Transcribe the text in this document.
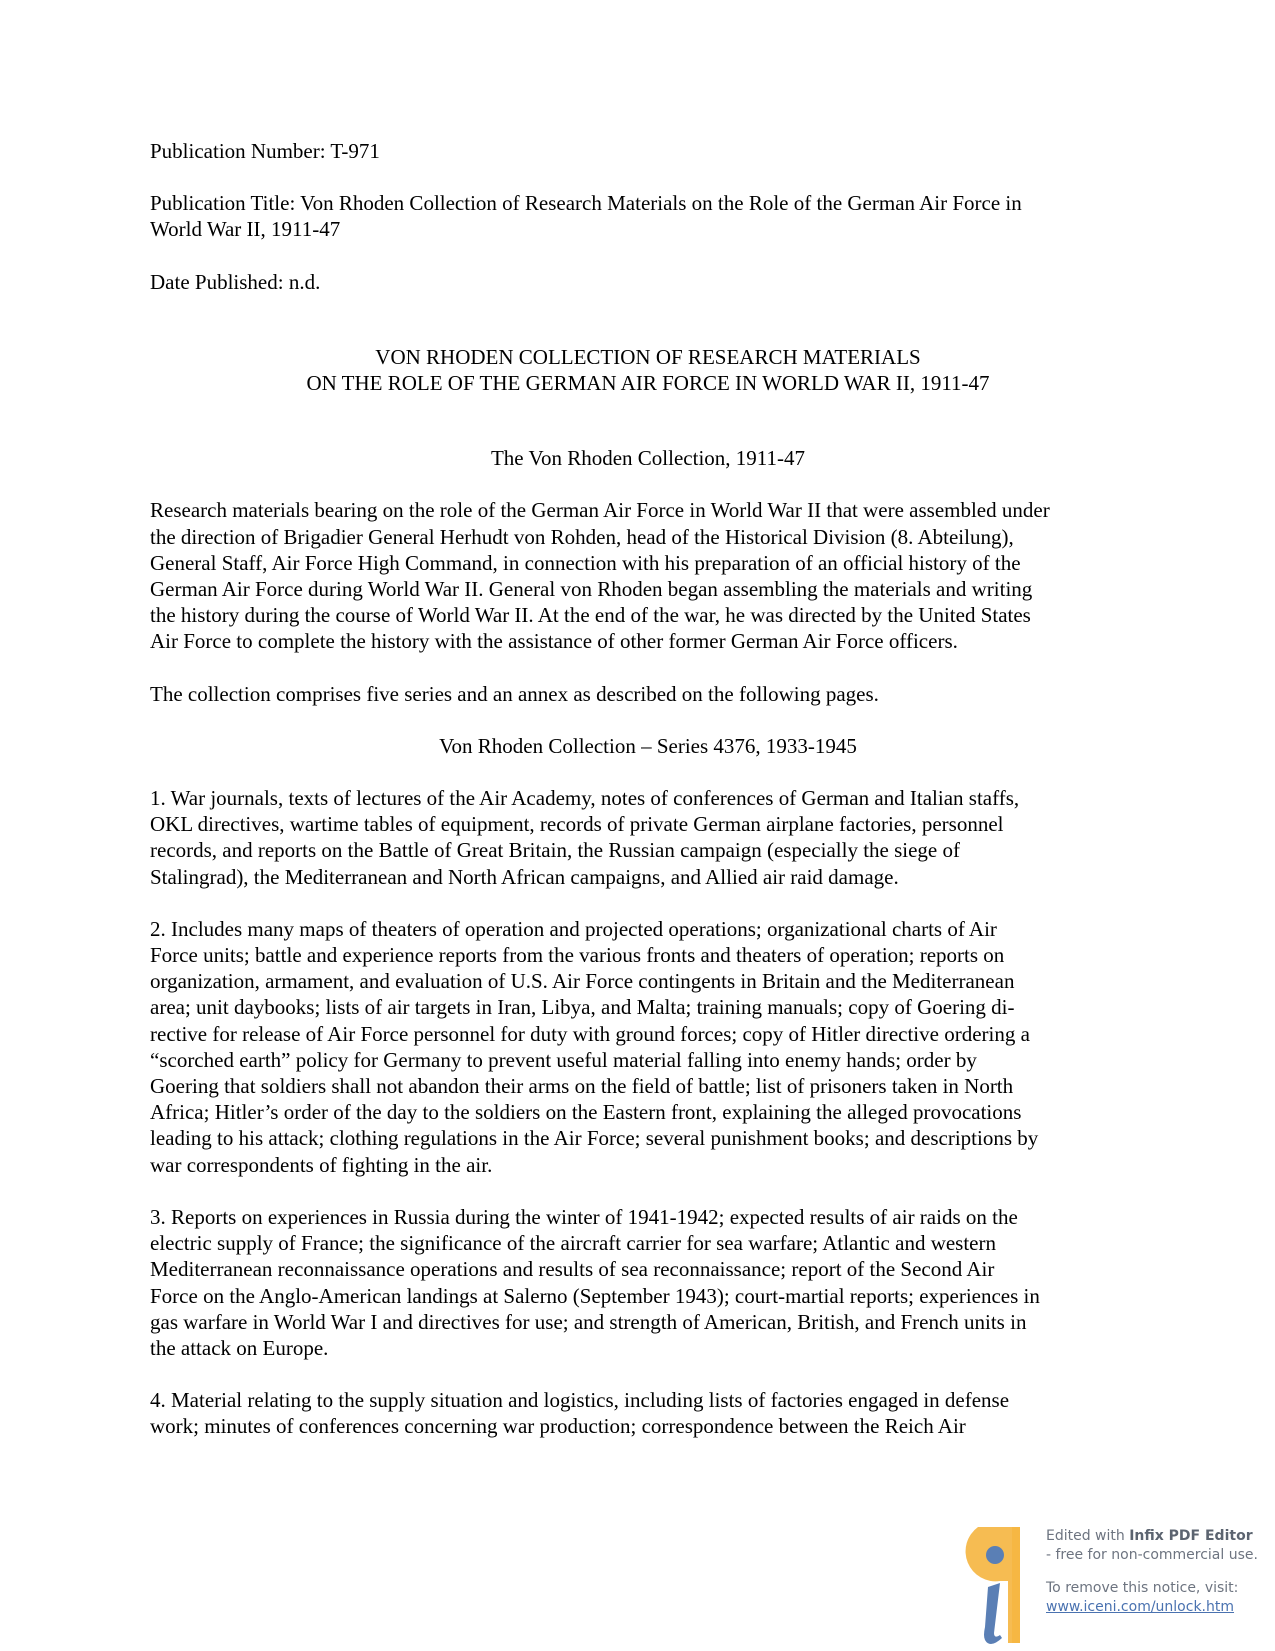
Publication Number: T-971

Publication Title: Von Rhoden Collection of Research Materials on the Role of the German Air Force in

World War II, 1911-47

Date Published: n.d.

VON RHODEN COLLECTION OF RESEARCH MATERIALS

ON THE ROLE OF THE GERMAN AIR FORCE IN WORLD WAR II, 1911-47

The Von Rhoden Collection, 1911-47

Research materials bearing on the role of the German Air Force in World War II that were assembled under
the direction of Brigadier General Herhudt von Rohden, head of the Historical Division (8. Abteilung),
General Staff, Air Force High Command, in connection with his preparation of an official history of the
German Air Force during World War II. General von Rhoden began assembling the materials and writing
the history during the course of World War II. At the end of the war, he was directed by the United States
Air Force to complete the history with the assistance of other former German Air Force officers.

The collection comprises five series and an annex as described on the following pages.

Von Rhoden Collection – Series 4376, 1933-1945

1. War journals, texts of lectures of the Air Academy, notes of conferences of German and Italian staffs,
OKL directives, wartime tables of equipment, records of private German airplane factories, personnel
records, and reports on the Battle of Great Britain, the Russian campaign (especially the siege of
Stalingrad), the Mediterranean and North African campaigns, and Allied air raid damage.

2. Includes many maps of theaters of operation and projected operations; organizational charts of Air
Force units; battle and experience reports from the various fronts and theaters of operation; reports on
organization, armament, and evaluation of U.S. Air Force contingents in Britain and the Mediterranean
area; unit daybooks; lists of air targets in Iran, Libya, and Malta; training manuals; copy of Goering di-
rective for release of Air Force personnel for duty with ground forces; copy of Hitler directive ordering a
“scorched earth” policy for Germany to prevent useful material falling into enemy hands; order by
Goering that soldiers shall not abandon their arms on the field of battle; list of prisoners taken in North
Africa; Hitler’s order of the day to the soldiers on the Eastern front, explaining the alleged provocations
leading to his attack; clothing regulations in the Air Force; several punishment books; and descriptions by
war correspondents of fighting in the air.

3. Reports on experiences in Russia during the winter of 1941-1942; expected results of air raids on the
electric supply of France; the significance of the aircraft carrier for sea warfare; Atlantic and western
Mediterranean reconnaissance operations and results of sea reconnaissance; report of the Second Air
Force on the Anglo-American landings at Salerno (September 1943); court-martial reports; experiences in
gas warfare in World War I and directives for use; and strength of American, British, and French units in
the attack on Europe.

4. Material relating to the supply situation and logistics, including lists of factories engaged in defense
work; minutes of conferences concerning war production; correspondence between the Reich Air

Edited with Infix PDF Editor
- free for non-commercial use.
To remove this notice, visit:
www.iceni.com/unlock.htm
